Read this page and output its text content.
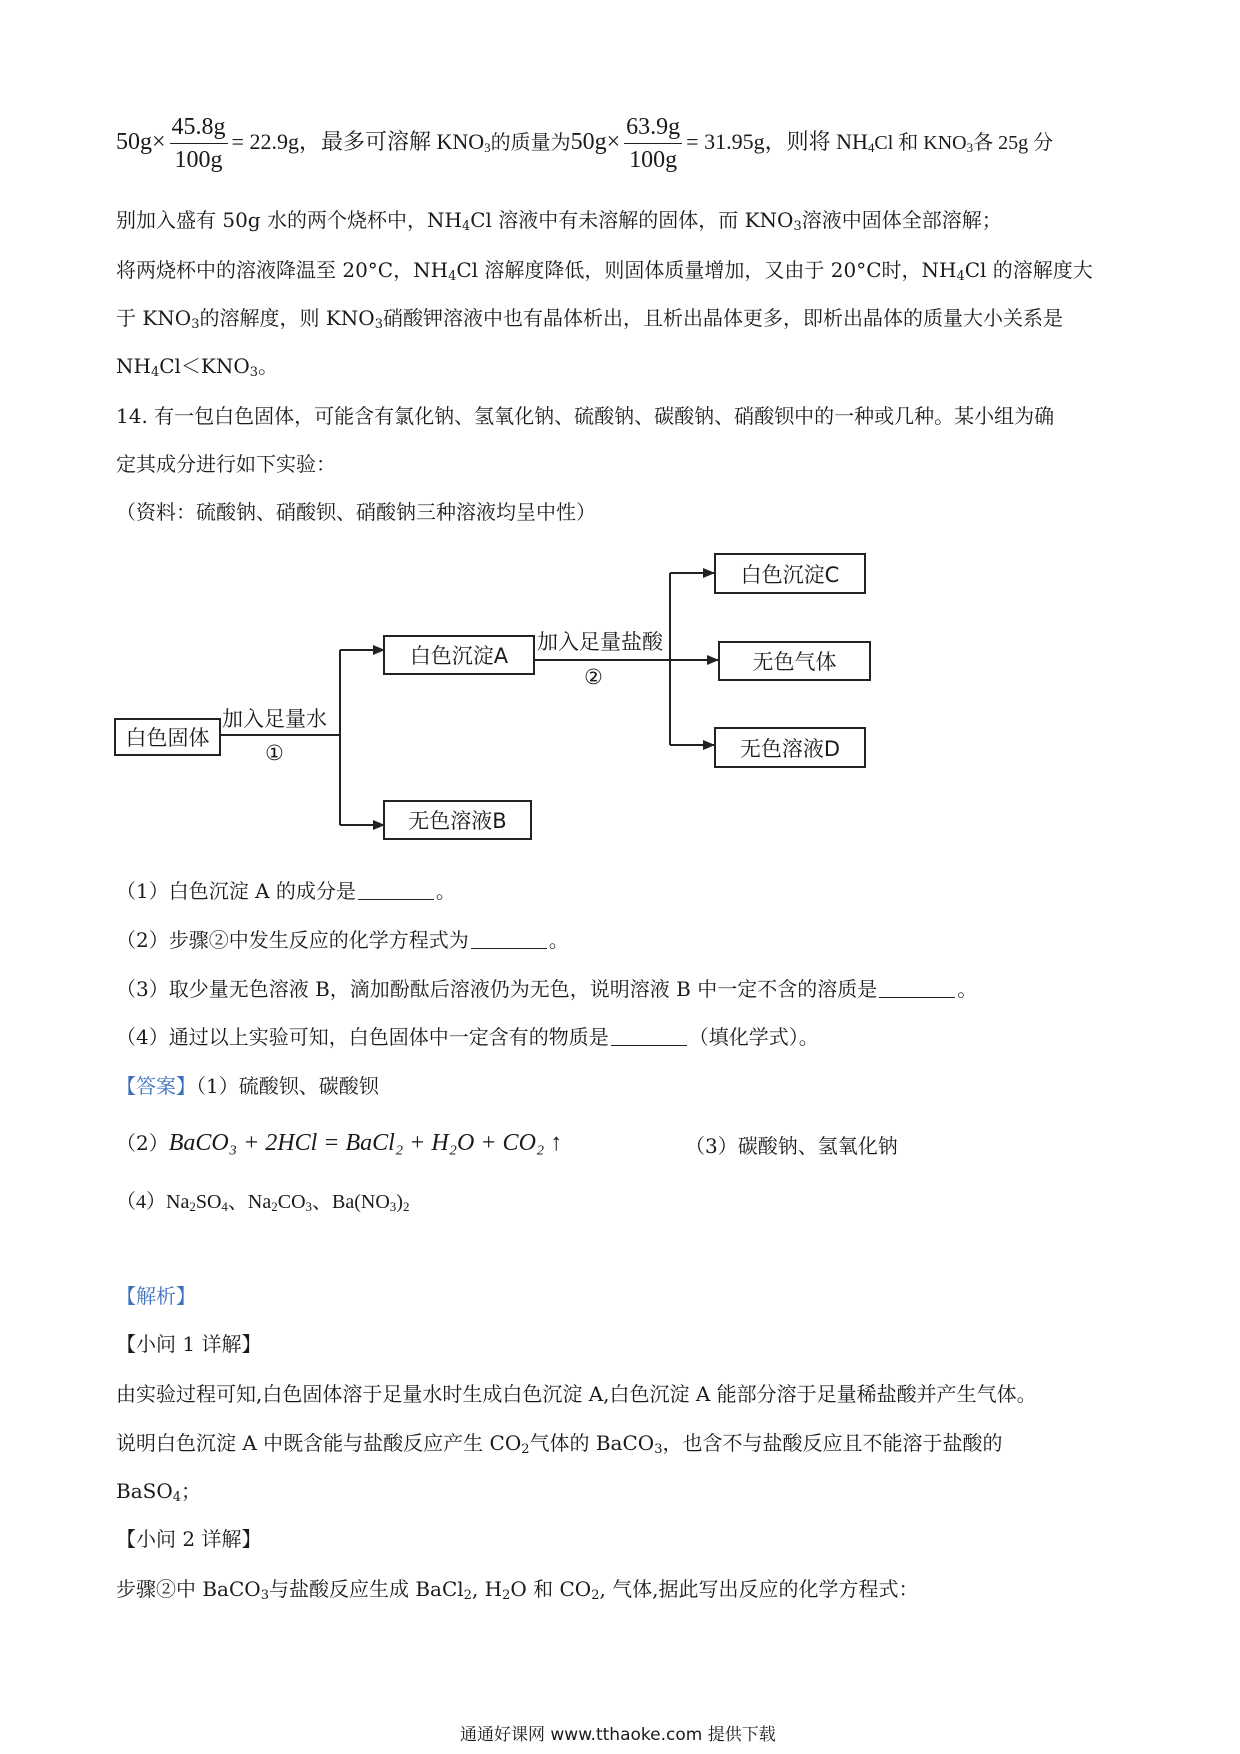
$50g\times \frac{45.8g}{100g} = 22.9g$，最多可溶解 $KNO_3$的质量为$50g\times \frac{63.9g}{100g} = 31.95g$，则将 $NH_4Cl$ 和 $KNO_3$各 25g 分
别加入盛有 50g 水的两个烧杯中，$NH_4Cl$ 溶液中有未溶解的固体，而 $KNO_3$溶液中固体全部溶解；
将两烧杯中的溶液降温至 20°C，$NH_4Cl$ 溶解度降低，则固体质量增加，又由于 20°C时，$NH_4Cl$ 的溶解度大
于 $KNO_3$的溶解度，则 $KNO_3$硝酸钾溶液中也有晶体析出，且析出晶体更多，即析出晶体的质量大小关系是
$NH_4Cl<KNO_3$。
14. 有一包白色固体，可能含有氯化钠、氢氧化钠、硫酸钠、碳酸钠、硝酸钡中的一种或几种。某小组为确
定其成分进行如下实验：
（资料：硫酸钠、硝酸钡、硝酸钠三种溶液均呈中性）
白色固体
加入足量水
①
白色沉淀A
无色溶液B
加入足量盐酸
②
白色沉淀C
无色气体
无色溶液D
（1）白色沉淀 A 的成分是	。
（2）步骤②中发生反应的化学方程式为	。
（3）取少量无色溶液 B，滴加酚酞后溶液仍为无色，说明溶液 B 中一定不含的溶质是	。
（4）通过以上实验可知，白色固体中一定含有的物质是	（填化学式）。
【答案】（1）硫酸钡、碳酸钡
（2）BaCO₃ + 2HCl = BaCl₂ + H₂O + CO₂ ↑	（3）碳酸钠、氢氧化钠
$(4)Na_2SO_4$、$Na_2CO_3$、$Ba(NO_3)_2$
【解析】
【小问 1 详解】
由实验过程可知,白色固体溶于足量水时生成白色沉淀 A,白色沉淀 A 能部分溶于足量稀盐酸并产生气体。
说明白色沉淀 A 中既含能与盐酸反应产生 $CO_2$气体的 BaCO$_3$，也含不与盐酸反应且不能溶于盐酸的
BaSO$_4$；
【小问 2 详解】
步骤②中 BaCO$_3$与盐酸反应生成 BaCl$_2$, $H_2O$ 和 $CO_2$, 气体,据此写出反应的化学方程式：
通通好课网 www.tthaoke.com 提供下载
